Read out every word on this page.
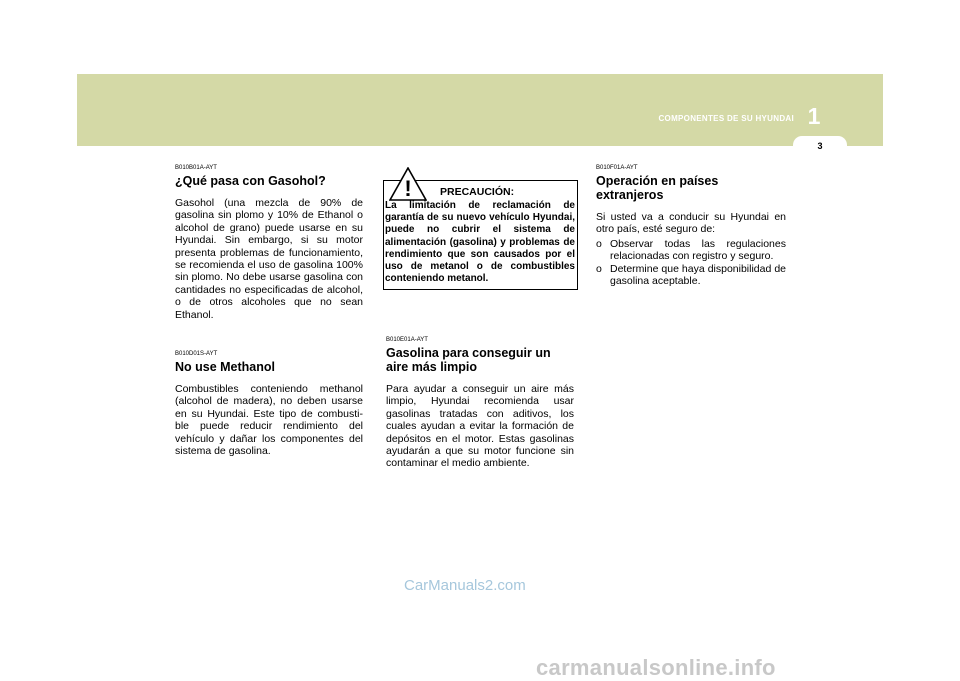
COMPONENTES DE SU HYUNDAI 1
3
B010B01A-AYT
¿Qué pasa con Gasohol?

Gasohol (una mezcla de 90% de gasolina sin plomo y 10% de Ethanol o alcohol de grano) puede usarse en su Hyundai. Sin embargo, si su motor presenta problemas de funcionamiento, se recomienda el uso de gasolina 100% sin plomo. No debe usarse gasolina con cantidades no especificadas de alcohol, o de otros alcoholes que no sean Ethanol.

B010D01S-AYT
No use Methanol

Combustibles conteniendo methanol (alcohol de madera), no deben usarse en su Hyundai. Este tipo de combusti-ble puede reducir rendimiento del vehículo y dañar los componentes del sistema de gasolina.

!	PRECAUCIÓN:

La limitación de reclamación de garantía de su nuevo vehículo Hyundai, puede no cubrir el sistema de alimentación (gasolina) y problemas de rendimiento que son causados por el uso de metanol o de combustibles conteniendo metanol.

B010E01A-AYT
Gasolina para conseguir un aire más limpio

Para ayudar a conseguir un aire más limpio, Hyundai recomienda usar gasolinas tratadas con aditivos, los cuales ayudan a evitar la formación de depósitos en el motor. Estas gasolinas ayudarán a que su motor funcione sin contaminar el medio ambiente.

B010F01A-AYT
Operación en países extranjeros

Si usted va a conducir su Hyundai en otro país, esté seguro de:

o Observar todas las regulaciones relacionadas con registro y seguro.
o Determine que haya disponibilidad de gasolina aceptable.
CarManuals2.com
carmanualsonline.info
